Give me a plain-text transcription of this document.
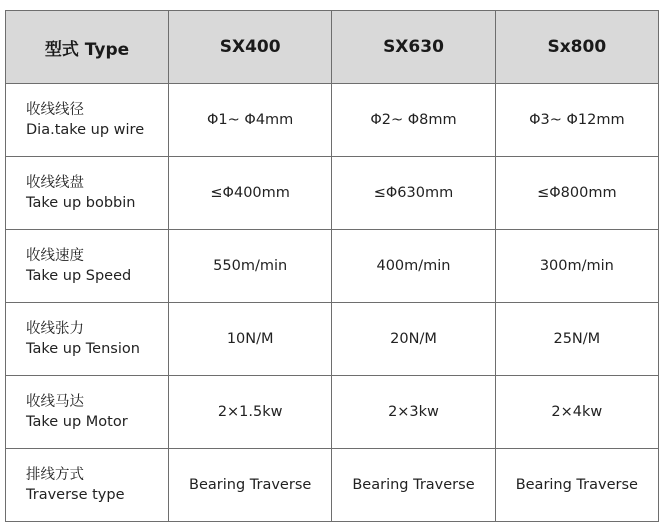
型式 Type	SX400	SX630	Sx800

收线线径
Dia.take up wire	Φ1~ Φ4mm	Φ2~ Φ8mm	Φ3~ Φ12mm

收线线盘
Take up bobbin	≤Φ400mm	≤Φ630mm	≤Φ800mm

收线速度
Take up Speed	550m/min	400m/min	300m/min

收线张力
Take up Tension	10N/M	20N/M	25N/M

收线马达
Take up Motor	2×1.5kw	2×3kw	2×4kw

排线方式
Traverse type	Bearing Traverse	Bearing Traverse	Bearing Traverse
